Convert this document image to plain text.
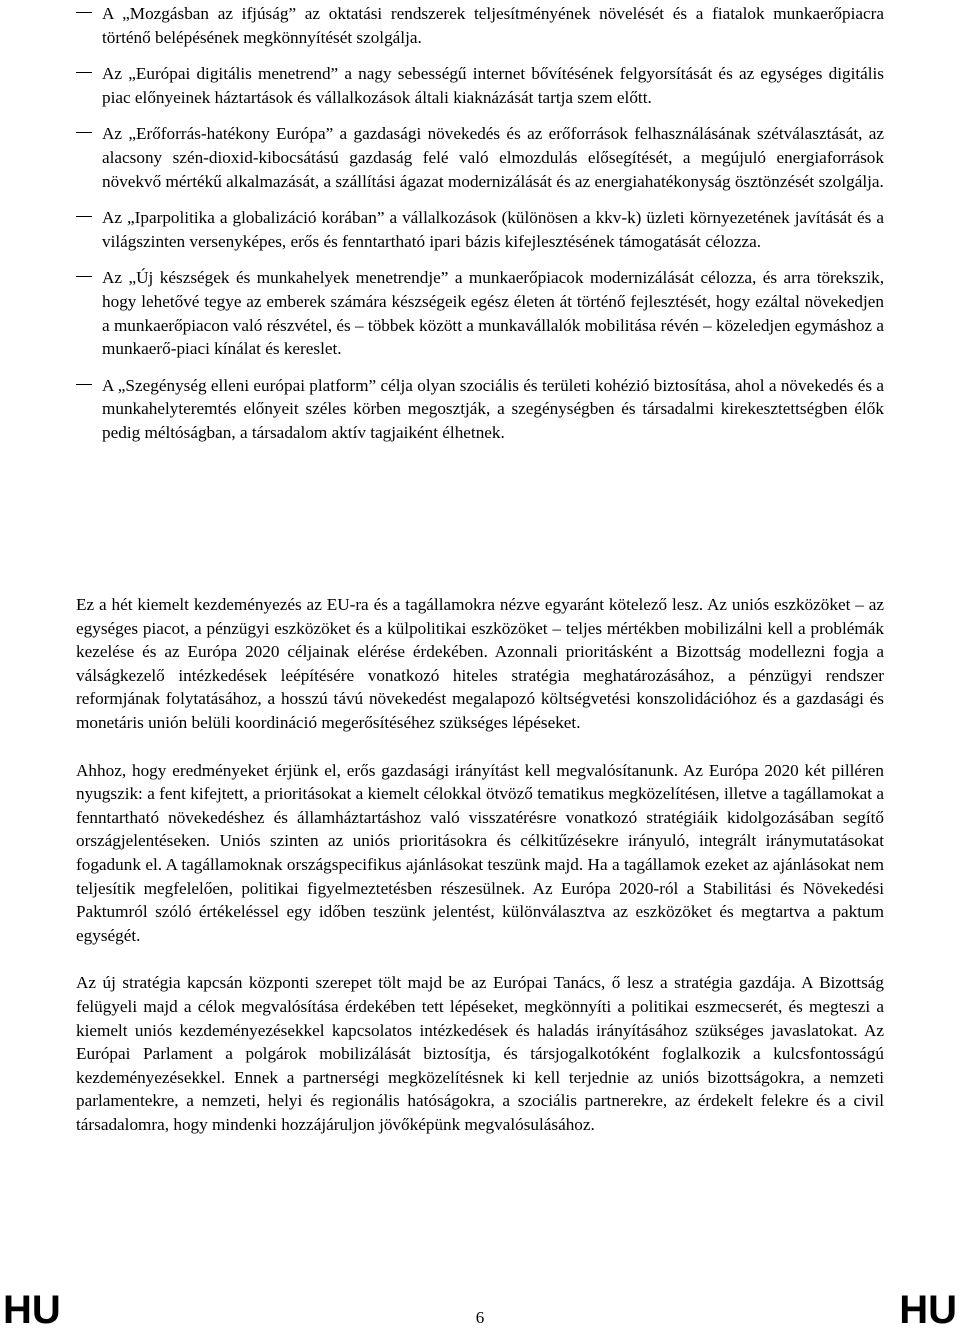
A „Mozgásban az ifjúság” az oktatási rendszerek teljesítményének növelését és a fiatalok munkaerőpiacra történő belépésének megkönnyítését szolgálja.

Az „Európai digitális menetrend” a nagy sebességű internet bővítésének felgyorsítását és az egységes digitális piac előnyeinek háztartások és vállalkozások általi kiaknázását tartja szem előtt.

Az „Erőforrás-hatékony Európa” a gazdasági növekedés és az erőforrások felhasználásának szétválasztását, az alacsony szén-dioxid-kibocsátású gazdaság felé való elmozdulás elősegítését, a megújuló energiaforrások növekvő mértékű alkalmazását, a szállítási ágazat modernizálását és az energiahatékonyság ösztönzését szolgálja.

Az „Iparpolitika a globalizáció korában” a vállalkozások (különösen a kkv-k) üzleti környezetének javítását és a világszinten versenyképes, erős és fenntartható ipari bázis kifejlesztésének támogatását célozza.

Az „Új készségek és munkahelyek menetrendje” a munkaerőpiacok modernizálását célozza, és arra törekszik, hogy lehetővé tegye az emberek számára készségeik egész életen át történő fejlesztését, hogy ezáltal növekedjen a munkaerőpiacon való részvétel, és – többek között a munkavállalók mobilitása révén – közeledjen egymáshoz a munkaerő-piaci kínálat és kereslet.

A „Szegénység elleni európai platform” célja olyan szociális és területi kohézió biztosítása, ahol a növekedés és a munkahelyteremtés előnyeit széles körben megosztják, a szegénységben és társadalmi kirekesztettségben élők pedig méltóságban, a társadalom aktív tagjaiként élhetnek.

Ez a hét kiemelt kezdeményezés az EU-ra és a tagállamokra nézve egyaránt kötelező lesz. Az uniós eszközöket – az egységes piacot, a pénzügyi eszközöket és a külpolitikai eszközöket – teljes mértékben mobilizálni kell a problémák kezelése és az Európa 2020 céljainak elérése érdekében. Azonnali prioritásként a Bizottság modellezni fogja a válságkezelő intézkedések leépítésére vonatkozó hiteles stratégia meghatározásához, a pénzügyi rendszer reformjának folytatásához, a hosszú távú növekedést megalapozó költségvetési konszolidációhoz és a gazdasági és monetáris unión belüli koordináció megerősítéséhez szükséges lépéseket.

Ahhoz, hogy eredményeket érjünk el, erős gazdasági irányítást kell megvalósítanunk. Az Európa 2020 két pilléren nyugszik: a fent kifejtett, a prioritásokat a kiemelt célokkal ötvöző tematikus megközelítésen, illetve a tagállamokat a fenntartható növekedéshez és államháztartáshoz való visszatérésre vonatkozó stratégiáik kidolgozásában segítő országjelentéseken. Uniós szinten az uniós prioritásokra és célkitűzésekre irányuló, integrált iránymutatásokat fogadunk el. A tagállamoknak országspecifikus ajánlásokat teszünk majd. Ha a tagállamok ezeket az ajánlásokat nem teljesítik megfelelően, politikai figyelmeztetésben részesülnek. Az Európa 2020-ról a Stabilitási és Növekedési Paktumról szóló értékeléssel egy időben teszünk jelentést, különválasztva az eszközöket és megtartva a paktum egységét.

Az új stratégia kapcsán központi szerepet tölt majd be az Európai Tanács, ő lesz a stratégia gazdája. A Bizottság felügyeli majd a célok megvalósítása érdekében tett lépéseket, megkönnyíti a politikai eszmecserét, és megteszi a kiemelt uniós kezdeményezésekkel kapcsolatos intézkedések és haladás irányításához szükséges javaslatokat. Az Európai Parlament a polgárok mobilizálását biztosítja, és társjogalkotóként foglalkozik a kulcsfontosságú kezdeményezésekkel. Ennek a partnerségi megközelítésnek ki kell terjednie az uniós bizottságokra, a nemzeti parlamentekre, a nemzeti, helyi és regionális hatóságokra, a szociális partnerekre, az érdekelt felekre és a civil társadalomra, hogy mindenki hozzájáruljon jövőképünk megvalósulásához.

HU	6	HU
